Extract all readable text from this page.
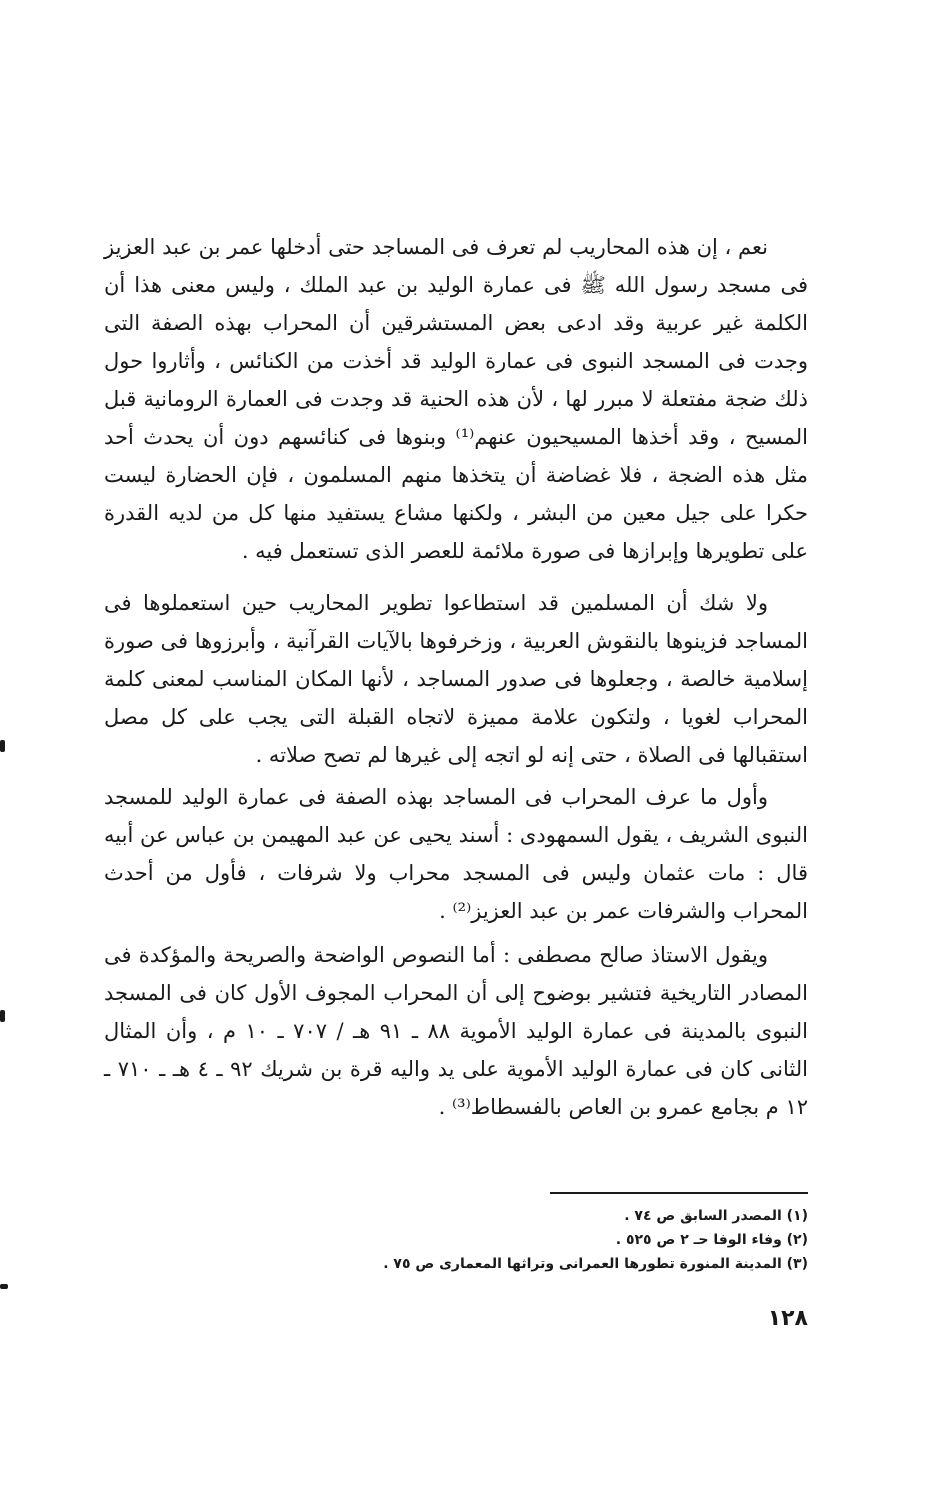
نعم ، إن هذه المحاريب لم تعرف فى المساجد حتى أدخلها عمر بن عبد العزيز فى مسجد رسول الله ﷺ فى عمارة الوليد بن عبد الملك ، وليس معنى هذا أن الكلمة غير عربية وقد ادعى بعض المستشرقين أن المحراب بهذه الصفة التى وجدت فى المسجد النبوى فى عمارة الوليد قد أخذت من الكنائس ، وأثاروا حول ذلك ضجة مفتعلة لا مبرر لها ، لأن هذه الحنية قد وجدت فى العمارة الرومانية قبل المسيح ، وقد أخذها المسيحيون عنهم⁽¹⁾ وبنوها فى كنائسهم دون أن يحدث أحد مثل هذه الضجة ، فلا غضاضة أن يتخذها منهم المسلمون ، فإن الحضارة ليست حكرا على جيل معين من البشر ، ولكنها مشاع يستفيد منها كل من لديه القدرة على تطويرها وإبرازها فى صورة ملائمة للعصر الذى تستعمل فيه .

ولا شك أن المسلمين قد استطاعوا تطوير المحاريب حين استعملوها فى المساجد فزينوها بالنقوش العربية ، وزخرفوها بالآيات القرآنية ، وأبرزوها فى صورة إسلامية خالصة ، وجعلوها فى صدور المساجد ، لأنها المكان المناسب لمعنى كلمة المحراب لغويا ، ولتكون علامة مميزة لاتجاه القبلة التى يجب على كل مصل استقبالها فى الصلاة ، حتى إنه لو اتجه إلى غيرها لم تصح صلاته .

وأول ما عرف المحراب فى المساجد بهذه الصفة فى عمارة الوليد للمسجد النبوى الشريف ، يقول السمهودى : أسند يحيى عن عبد المهيمن بن عباس عن أبيه قال : مات عثمان وليس فى المسجد محراب ولا شرفات ، فأول من أحدث المحراب والشرفات عمر بن عبد العزيز⁽²⁾ .

ويقول الاستاذ صالح مصطفى : أما النصوص الواضحة والصريحة والمؤكدة فى المصادر التاريخية فتشير بوضوح إلى أن المحراب المجوف الأول كان فى المسجد النبوى بالمدينة فى عمارة الوليد الأموية ٨٨ ـ ٩١ هـ / ٧٠٧ ـ ١٠ م ، وأن المثال الثانى كان فى عمارة الوليد الأموية على يد واليه قرة بن شريك ٩٢ ـ ٤ هـ ـ ٧١٠ ـ ١٢ م بجامع عمرو بن العاص بالفسطاط⁽³⁾ .

(١) المصدر السابق ص ٧٤ .
(٢) وفاء الوفا حـ ٢ ص ٥٢٥ .
(٣) المدينة المنورة تطورها العمرانى وتراثها المعمارى ص ٧٥ .
١٢٨
